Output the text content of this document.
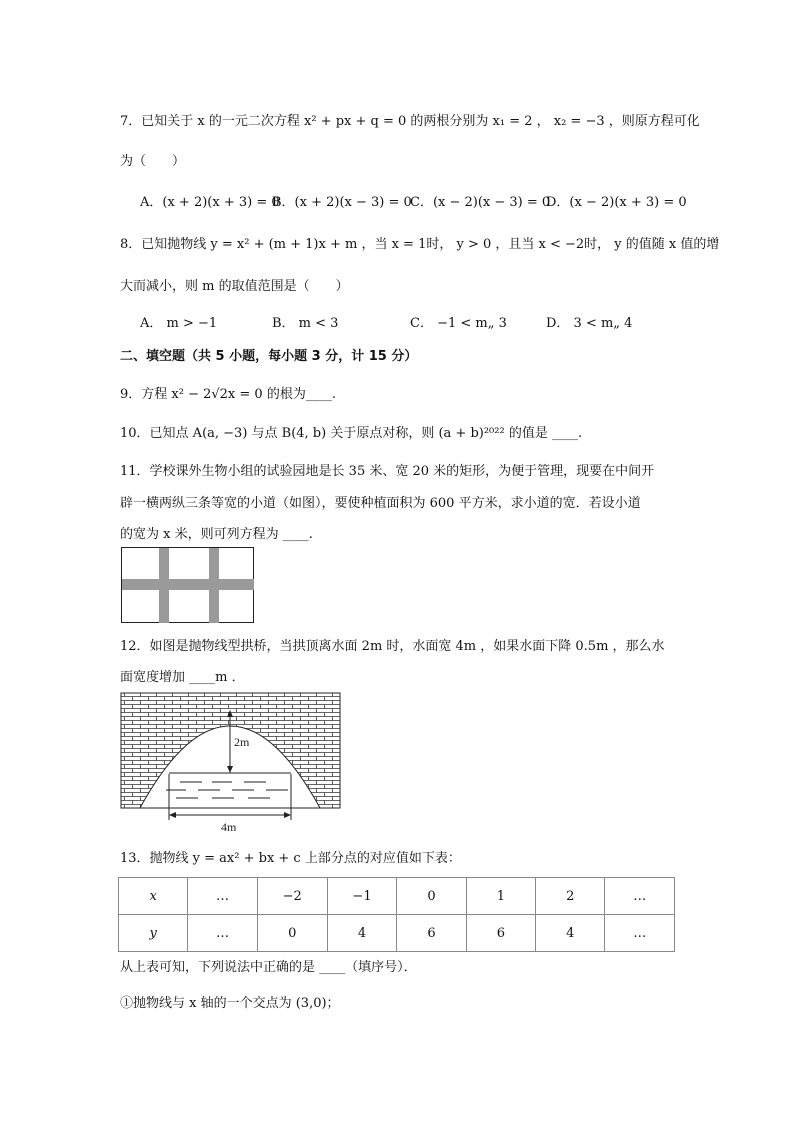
7．已知关于 x 的一元二次方程 x² + px + q = 0 的两根分别为 x₁ = 2 ， x₂ = −3 ，则原方程可化
为（　　）
A．(x + 2)(x + 3) = 0
B．(x + 2)(x − 3) = 0
C．(x − 2)(x − 3) = 0
D．(x − 2)(x + 3) = 0
8．已知抛物线 y = x² + (m + 1)x + m ，当 x = 1时， y > 0 ，且当 x < −2时， y 的值随 x 值的增
大而减小，则 m 的取值范围是（　　）
A． m > −1	B． m < 3	C． −1 < m„ 3	D． 3 < m„ 4
二、填空题（共 5 小题，每小题 3 分，计 15 分）
9．方程 x² − 2√2x = 0 的根为____.
10．已知点 A(a, −3) 与点 B(4, b) 关于原点对称，则 (a + b)²⁰²² 的值是 ____.
11．学校课外生物小组的试验园地是长 35 米、宽 20 米的矩形，为便于管理，现要在中间开
辟一横两纵三条等宽的小道（如图），要使种植面积为 600 平方米，求小道的宽．若设小道
的宽为 x 米，则可列方程为 ____.
12．如图是抛物线型拱桥，当拱顶离水面 2m 时，水面宽 4m ，如果水面下降 0.5m ，那么水
面宽度增加 ____m ．
2m
4m
13．抛物线 y = ax² + bx + c 上部分点的对应值如下表：
x	…	−2	−1	0	1	2	…
y	…	0	4	6	6	4	…
从上表可知，下列说法中正确的是 ____（填序号）．
①抛物线与 x 轴的一个交点为 (3,0)；
